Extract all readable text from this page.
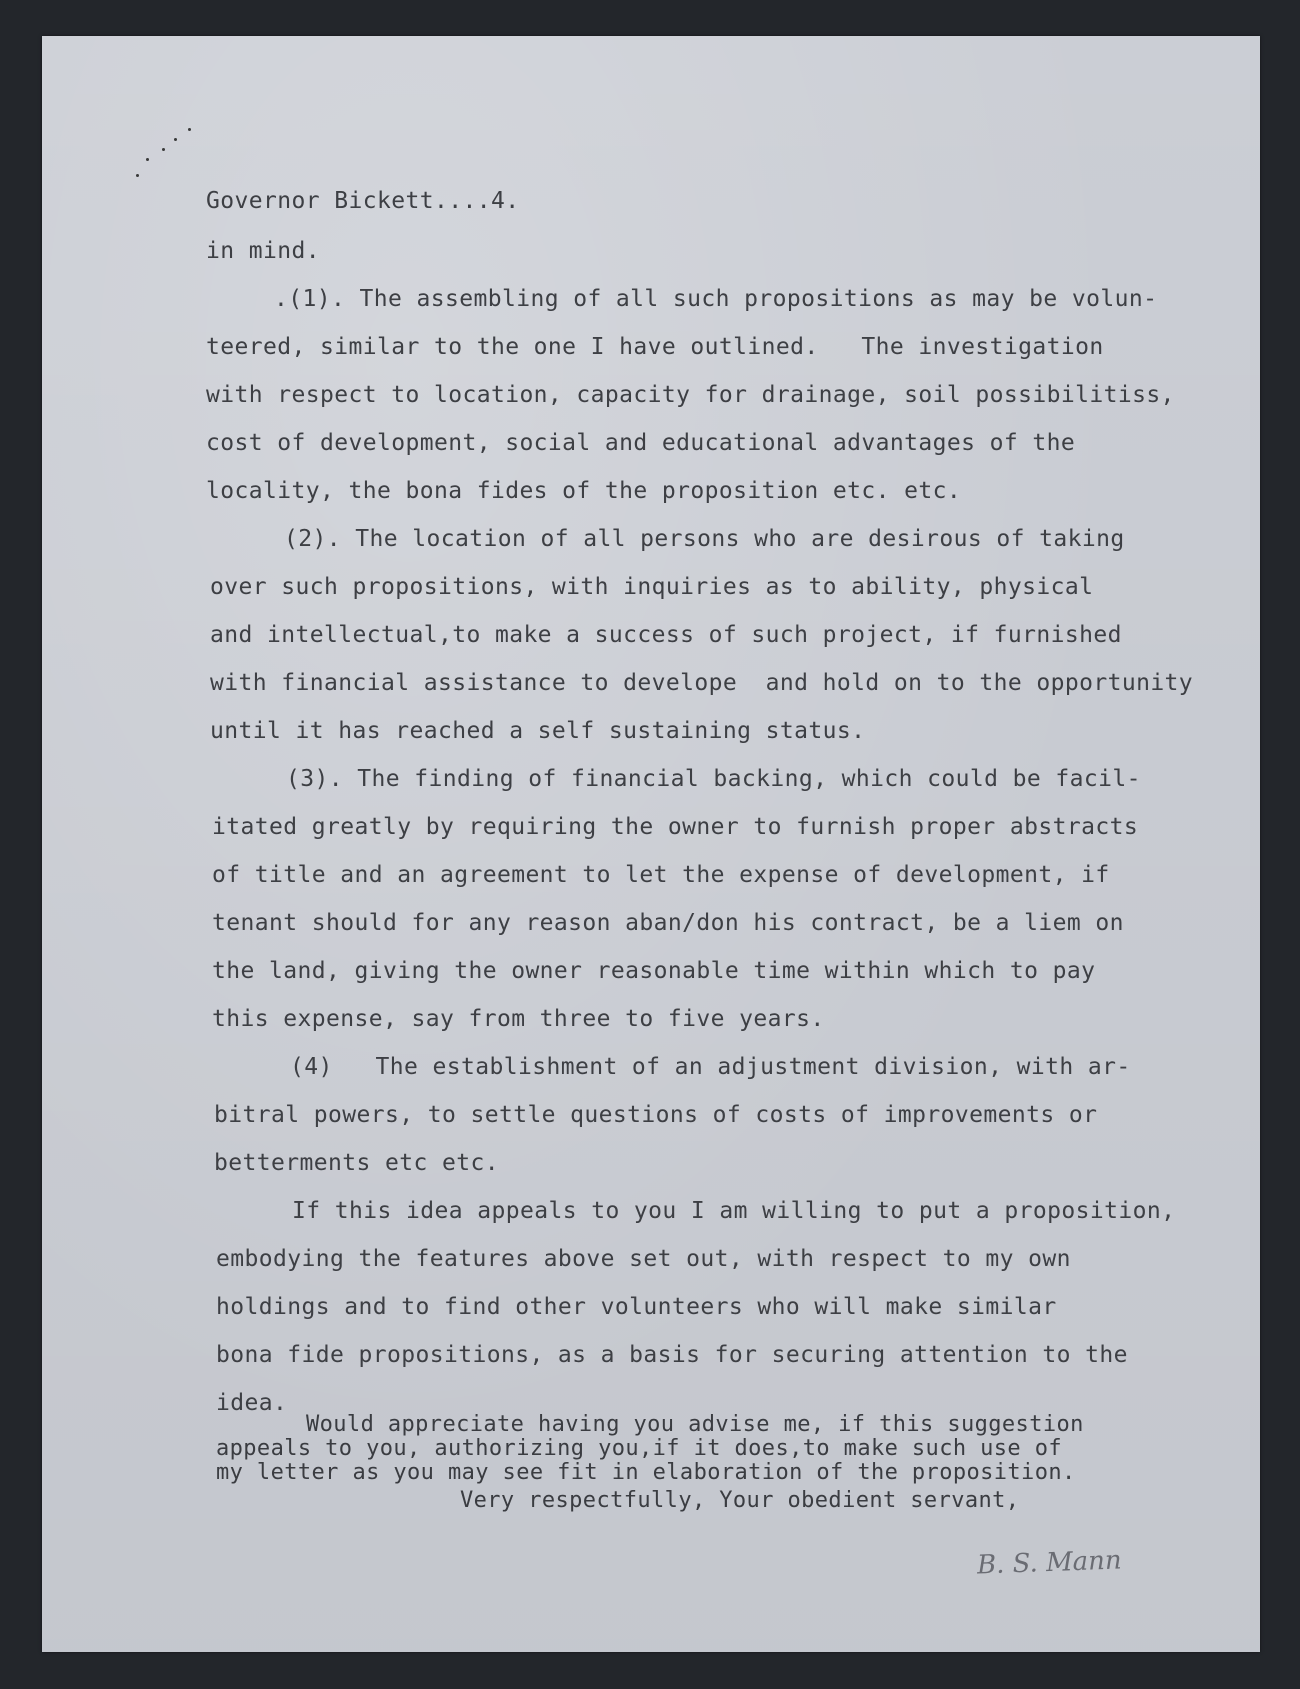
Governor Bickett....4.
in mind.
.(1). The assembling of all such propositions as may be volun-
teered, similar to the one I have outlined.   The investigation
with respect to location, capacity for drainage, soil possibilitiss,
cost of development, social and educational advantages of the
locality, the bona fides of the proposition etc. etc.
(2). The location of all persons who are desirous of taking
over such propositions, with inquiries as to ability, physical
and intellectual,to make a success of such project, if furnished
with financial assistance to develope  and hold on to the opportunity
until it has reached a self sustaining status.
(3). The finding of financial backing, which could be facil-
itated greatly by requiring the owner to furnish proper abstracts
of title and an agreement to let the expense of development, if
tenant should for any reason aban/don his contract, be a liem on
the land, giving the owner reasonable time within which to pay
this expense, say from three to five years.
(4)   The establishment of an adjustment division, with ar-
bitral powers, to settle questions of costs of improvements or
betterments etc etc.
If this idea appeals to you I am willing to put a proposition,
embodying the features above set out, with respect to my own
holdings and to find other volunteers who will make similar
bona fide propositions, as a basis for securing attention to the
idea.
Would appreciate having you advise me, if this suggestion
appeals to you, authorizing you,if it does,to make such use of
my letter as you may see fit in elaboration of the proposition.
Very respectfully, Your obedient servant,
B. S. Mann
